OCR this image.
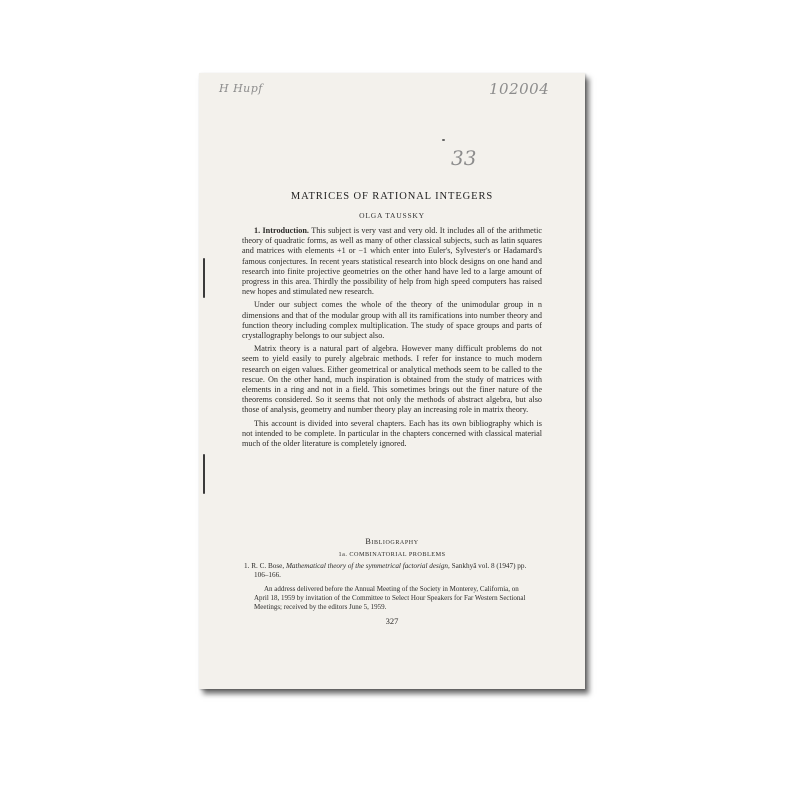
H Hupf	102004
33
MATRICES OF RATIONAL INTEGERS
OLGA TAUSSKY

1. Introduction. This subject is very vast and very old. It includes all of the arithmetic theory of quadratic forms, as well as many of other classical subjects, such as latin squares and matrices with elements +1 or −1 which enter into Euler's, Sylvester's or Hadamard's famous conjectures. In recent years statistical research into block designs on one hand and research into finite projective geometries on the other hand have led to a large amount of progress in this area. Thirdly the possibility of help from high speed computers has raised new hopes and stimulated new research.

Under our subject comes the whole of the theory of the unimodular group in n dimensions and that of the modular group with all its ramifications into number theory and function theory including complex multiplication. The study of space groups and parts of crystallography belongs to our subject also.

Matrix theory is a natural part of algebra. However many difficult problems do not seem to yield easily to purely algebraic methods. I refer for instance to much modern research on eigen values. Either geometrical or analytical methods seem to be called to the rescue. On the other hand, much inspiration is obtained from the study of matrices with elements in a ring and not in a field. This sometimes brings out the finer nature of the theorems considered. So it seems that not only the methods of abstract algebra, but also those of analysis, geometry and number theory play an increasing role in matrix theory.

This account is divided into several chapters. Each has its own bibliography which is not intended to be complete. In particular in the chapters concerned with classical material much of the older literature is completely ignored.

Bibliography
1a. COMBINATORIAL PROBLEMS
1. R. C. Bose, Mathematical theory of the symmetrical factorial design, Sankhyā vol. 8 (1947) pp. 106–166.
An address delivered before the Annual Meeting of the Society in Monterey, California, on April 18, 1959 by invitation of the Committee to Select Hour Speakers for Far Western Sectional Meetings; received by the editors June 5, 1959.
327
